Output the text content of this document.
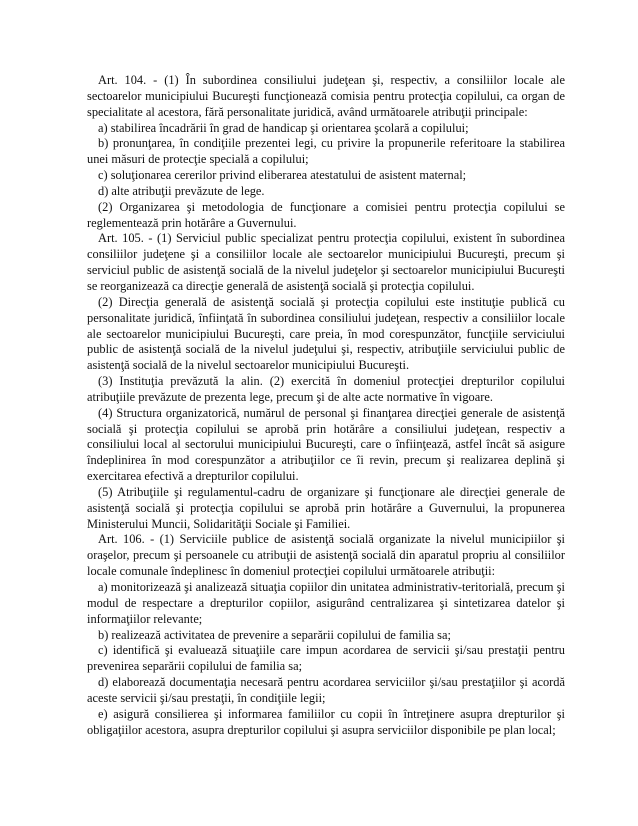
Art. 104. - (1) În subordinea consiliului judeţean şi, respectiv, a consiliilor locale ale sectoarelor municipiului Bucureşti funcţionează comisia pentru protecţia copilului, ca organ de specialitate al acestora, fără personalitate juridică, având următoarele atribuţii principale:

a) stabilirea încadrării în grad de handicap şi orientarea şcolară a copilului;

b) pronunţarea, în condiţiile prezentei legi, cu privire la propunerile referitoare la stabilirea unei măsuri de protecţie specială a copilului;

c) soluţionarea cererilor privind eliberarea atestatului de asistent maternal;

d) alte atribuţii prevăzute de lege.

(2) Organizarea şi metodologia de funcţionare a comisiei pentru protecţia copilului se reglementează prin hotărâre a Guvernului.

Art. 105. - (1) Serviciul public specializat pentru protecţia copilului, existent în subordinea consiliilor judeţene şi a consiliilor locale ale sectoarelor municipiului Bucureşti, precum şi serviciul public de asistenţă socială de la nivelul judeţelor şi sectoarelor municipiului Bucureşti se reorganizează ca direcţie generală de asistenţă socială şi protecţia copilului.

(2) Direcţia generală de asistenţă socială şi protecţia copilului este instituţie publică cu personalitate juridică, înfiinţată în subordinea consiliului judeţean, respectiv a consiliilor locale ale sectoarelor municipiului Bucureşti, care preia, în mod corespunzător, funcţiile serviciului public de asistenţă socială de la nivelul judeţului şi, respectiv, atribuţiile serviciului public de asistenţă socială de la nivelul sectoarelor municipiului Bucureşti.

(3) Instituţia prevăzută la alin. (2) exercită în domeniul protecţiei drepturilor copilului atribuţiile prevăzute de prezenta lege, precum şi de alte acte normative în vigoare.

(4) Structura organizatorică, numărul de personal şi finanţarea direcţiei generale de asistenţă socială şi protecţia copilului se aprobă prin hotărâre a consiliului judeţean, respectiv a consiliului local al sectorului municipiului Bucureşti, care o înfiinţează, astfel încât să asigure îndeplinirea în mod corespunzător a atribuţiilor ce îi revin, precum şi realizarea deplină şi exercitarea efectivă a drepturilor copilului.

(5) Atribuţiile şi regulamentul-cadru de organizare şi funcţionare ale direcţiei generale de asistenţă socială şi protecţia copilului se aprobă prin hotărâre a Guvernului, la propunerea Ministerului Muncii, Solidarităţii Sociale şi Familiei.

Art. 106. - (1) Serviciile publice de asistenţă socială organizate la nivelul municipiilor şi oraşelor, precum şi persoanele cu atribuţii de asistenţă socială din aparatul propriu al consiliilor locale comunale îndeplinesc în domeniul protecţiei copilului următoarele atribuţii:

a) monitorizează şi analizează situaţia copiilor din unitatea administrativ-teritorială, precum şi modul de respectare a drepturilor copiilor, asigurând centralizarea şi sintetizarea datelor şi informaţiilor relevante;

b) realizează activitatea de prevenire a separării copilului de familia sa;

c) identifică şi evaluează situaţiile care impun acordarea de servicii şi/sau prestaţii pentru prevenirea separării copilului de familia sa;

d) elaborează documentaţia necesară pentru acordarea serviciilor şi/sau prestaţiilor şi acordă aceste servicii şi/sau prestaţii, în condiţiile legii;

e) asigură consilierea şi informarea familiilor cu copii în întreţinere asupra drepturilor şi obligaţiilor acestora, asupra drepturilor copilului şi asupra serviciilor disponibile pe plan local;
